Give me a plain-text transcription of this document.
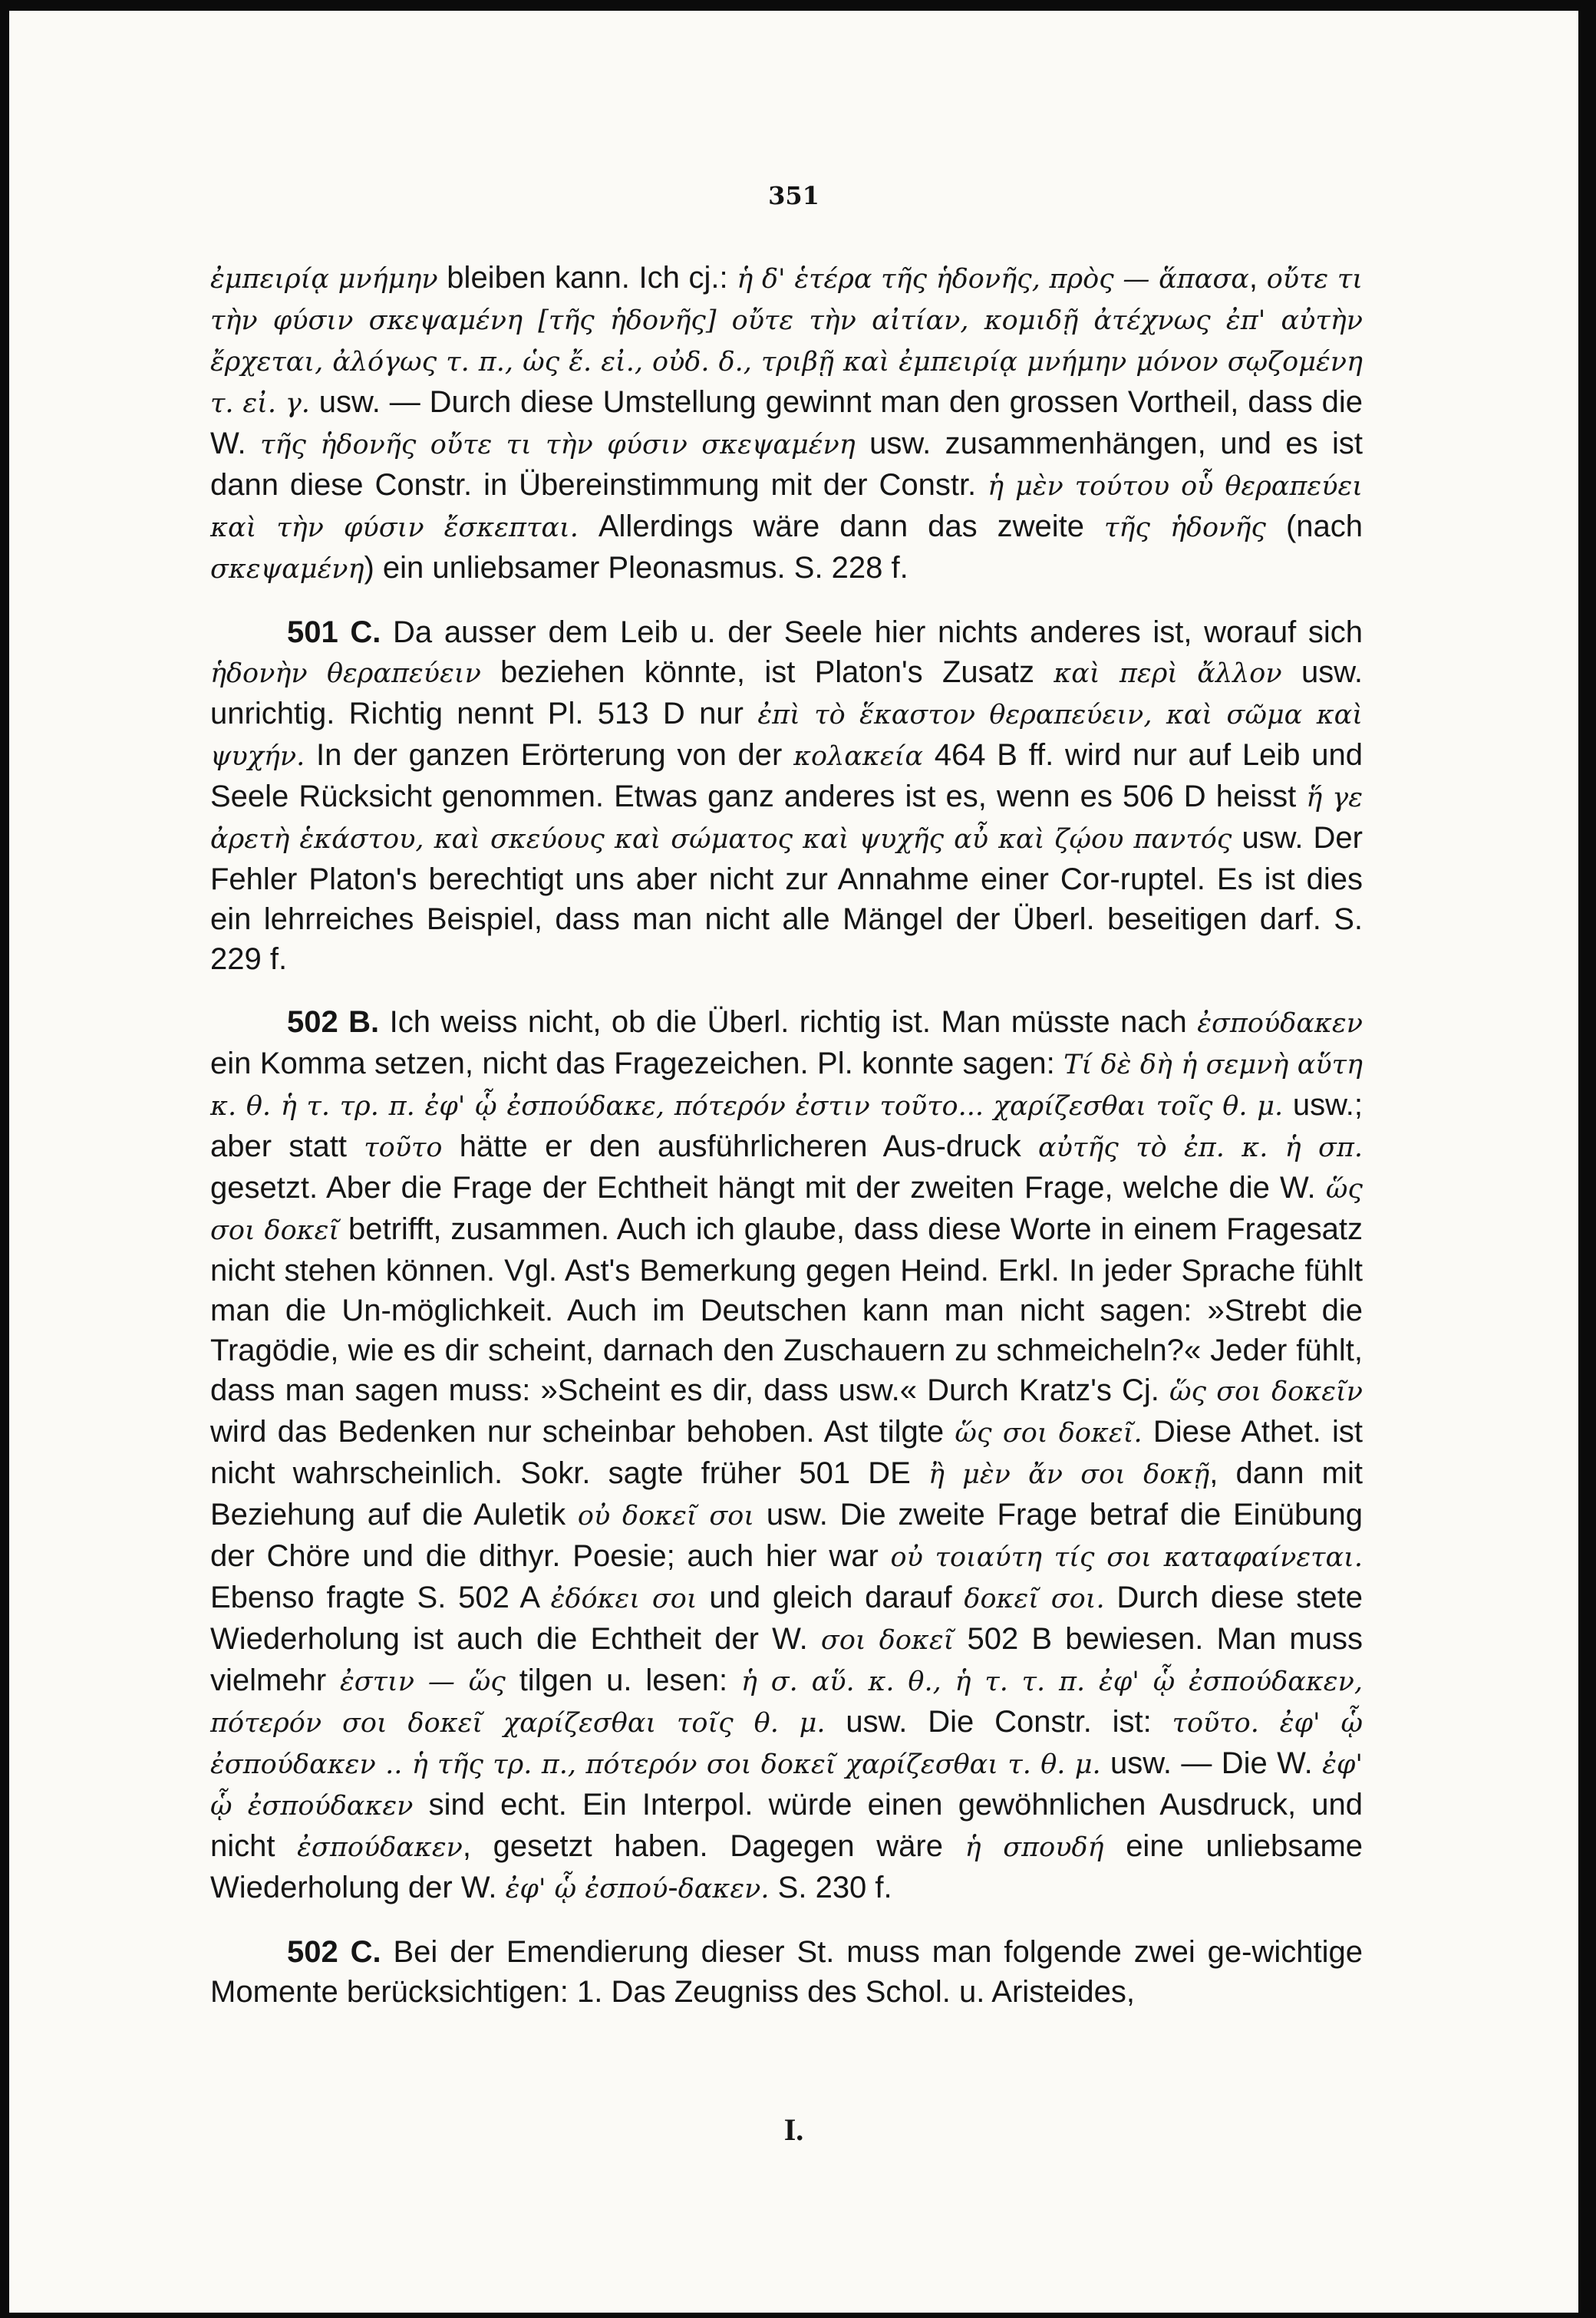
351

ἐμπειρίᾳ μνήμην bleiben kann. Ich cj.: ἡ δ' ἑτέρα τῆς ἡδονῆς, πρὸς — ἅπασα, οὔτε τι τὴν φύσιν σκεψαμένη [τῆς ἡδονῆς] οὔτε τὴν αἰτίαν, κομιδῇ ἀτέχνως ἐπ' αὐτὴν ἔρχεται, ἀλόγως τ. π., ὡς ἔ. εἰ., οὐδ. δ., τριβῇ καὶ ἐμπειρίᾳ μνήμην μόνον σῳζομένη τ. εἰ. γ. usw. — Durch diese Umstellung gewinnt man den grossen Vortheil, dass die W. τῆς ἡδονῆς οὔτε τι τὴν φύσιν σκεψαμένη usw. zusammenhängen, und es ist dann diese Constr. in Übereinstimmung mit der Constr. ἡ μὲν τούτου οὗ θεραπεύει καὶ τὴν φύσιν ἔσκεπται. Allerdings wäre dann das zweite τῆς ἡδονῆς (nach σκεψαμένη) ein unliebsamer Pleonasmus. S. 228 f.

501 C. Da ausser dem Leib u. der Seele hier nichts anderes ist, worauf sich ἡδονὴν θεραπεύειν beziehen könnte, ist Platon's Zusatz καὶ περὶ ἄλλον usw. unrichtig. Richtig nennt Pl. 513 D nur ἐπὶ τὸ ἕκαστον θεραπεύειν, καὶ σῶμα καὶ ψυχήν. In der ganzen Erörterung von der κολακεία 464 B ff. wird nur auf Leib und Seele Rücksicht genommen. Etwas ganz anderes ist es, wenn es 506 D heisst ἥ γε ἀρετὴ ἑκάστου, καὶ σκεύους καὶ σώματος καὶ ψυχῆς αὖ καὶ ζῴου παντός usw. Der Fehler Platon's berechtigt uns aber nicht zur Annahme einer Cor-ruptel. Es ist dies ein lehrreiches Beispiel, dass man nicht alle Mängel der Überl. beseitigen darf. S. 229 f.

502 B. Ich weiss nicht, ob die Überl. richtig ist. Man müsste nach ἐσπούδακεν ein Komma setzen, nicht das Fragezeichen. Pl. konnte sagen: Τί δὲ δὴ ἡ σεμνὴ αὕτη κ. θ. ἡ τ. τρ. π. ἐφ' ᾧ ἐσπούδακε, πότερόν ἐστιν τοῦτο... χαρίζεσθαι τοῖς θ. μ. usw.; aber statt τοῦτο hätte er den ausführlicheren Aus-druck αὐτῆς τὸ ἐπ. κ. ἡ σπ. gesetzt. Aber die Frage der Echtheit hängt mit der zweiten Frage, welche die W. ὥς σοι δοκεῖ betrifft, zusammen. Auch ich glaube, dass diese Worte in einem Fragesatz nicht stehen können. Vgl. Ast's Bemerkung gegen Heind. Erkl. In jeder Sprache fühlt man die Un-möglichkeit. Auch im Deutschen kann man nicht sagen: »Strebt die Tragödie, wie es dir scheint, darnach den Zuschauern zu schmeicheln?« Jeder fühlt, dass man sagen muss: »Scheint es dir, dass usw.« Durch Kratz's Cj. ὥς σοι δοκεῖν wird das Bedenken nur scheinbar behoben. Ast tilgte ὥς σοι δοκεῖ. Diese Athet. ist nicht wahrscheinlich. Sokr. sagte früher 501 DE ἢ μὲν ἄν σοι δοκῇ, dann mit Beziehung auf die Auletik οὐ δοκεῖ σοι usw. Die zweite Frage betraf die Einübung der Chöre und die dithyr. Poesie; auch hier war οὐ τοιαύτη τίς σοι καταφαίνεται. Ebenso fragte S. 502 A ἐδόκει σοι und gleich darauf δοκεῖ σοι. Durch diese stete Wiederholung ist auch die Echtheit der W. σοι δοκεῖ 502 B bewiesen. Man muss vielmehr ἐστιν — ὥς tilgen u. lesen: ἡ σ. αὕ. κ. θ., ἡ τ. τ. π. ἐφ' ᾧ ἐσπούδακεν, πότερόν σοι δοκεῖ χαρίζεσθαι τοῖς θ. μ. usw. Die Constr. ist: τοῦτο. ἐφ' ᾧ ἐσπούδακεν .. ἡ τῆς τρ. π., πότερόν σοι δοκεῖ χαρίζεσθαι τ. θ. μ. usw. — Die W. ἐφ' ᾧ ἐσπούδακεν sind echt. Ein Interpol. würde einen gewöhnlichen Ausdruck, und nicht ἐσπούδακεν, gesetzt haben. Dagegen wäre ἡ σπουδή eine unliebsame Wiederholung der W. ἐφ' ᾧ ἐσπού-δακεν. S. 230 f.

502 C. Bei der Emendierung dieser St. muss man folgende zwei ge-wichtige Momente berücksichtigen: 1. Das Zeugniss des Schol. u. Aristeides,

I.
